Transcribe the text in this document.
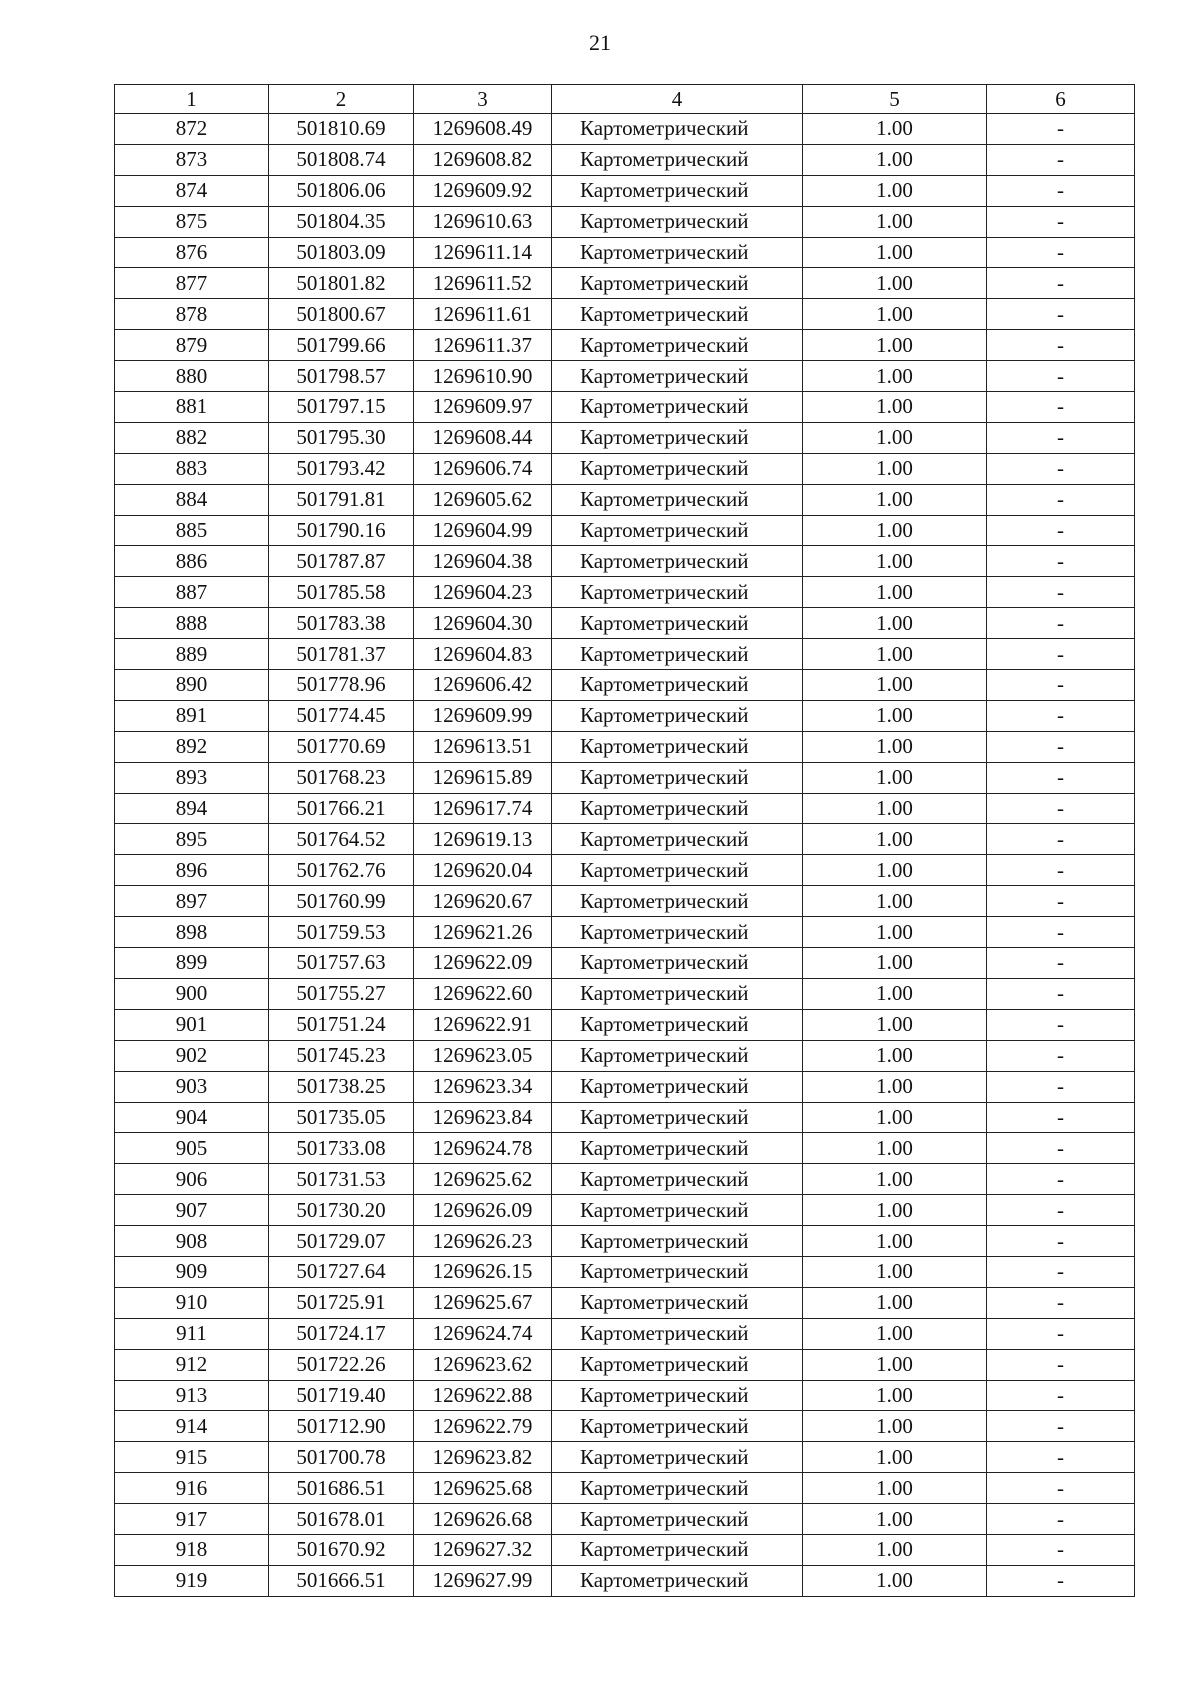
21
1	2	3	4	5	6
872	501810.69	1269608.49	Картометрический	1.00	-
873	501808.74	1269608.82	Картометрический	1.00	-
874	501806.06	1269609.92	Картометрический	1.00	-
875	501804.35	1269610.63	Картометрический	1.00	-
876	501803.09	1269611.14	Картометрический	1.00	-
877	501801.82	1269611.52	Картометрический	1.00	-
878	501800.67	1269611.61	Картометрический	1.00	-
879	501799.66	1269611.37	Картометрический	1.00	-
880	501798.57	1269610.90	Картометрический	1.00	-
881	501797.15	1269609.97	Картометрический	1.00	-
882	501795.30	1269608.44	Картометрический	1.00	-
883	501793.42	1269606.74	Картометрический	1.00	-
884	501791.81	1269605.62	Картометрический	1.00	-
885	501790.16	1269604.99	Картометрический	1.00	-
886	501787.87	1269604.38	Картометрический	1.00	-
887	501785.58	1269604.23	Картометрический	1.00	-
888	501783.38	1269604.30	Картометрический	1.00	-
889	501781.37	1269604.83	Картометрический	1.00	-
890	501778.96	1269606.42	Картометрический	1.00	-
891	501774.45	1269609.99	Картометрический	1.00	-
892	501770.69	1269613.51	Картометрический	1.00	-
893	501768.23	1269615.89	Картометрический	1.00	-
894	501766.21	1269617.74	Картометрический	1.00	-
895	501764.52	1269619.13	Картометрический	1.00	-
896	501762.76	1269620.04	Картометрический	1.00	-
897	501760.99	1269620.67	Картометрический	1.00	-
898	501759.53	1269621.26	Картометрический	1.00	-
899	501757.63	1269622.09	Картометрический	1.00	-
900	501755.27	1269622.60	Картометрический	1.00	-
901	501751.24	1269622.91	Картометрический	1.00	-
902	501745.23	1269623.05	Картометрический	1.00	-
903	501738.25	1269623.34	Картометрический	1.00	-
904	501735.05	1269623.84	Картометрический	1.00	-
905	501733.08	1269624.78	Картометрический	1.00	-
906	501731.53	1269625.62	Картометрический	1.00	-
907	501730.20	1269626.09	Картометрический	1.00	-
908	501729.07	1269626.23	Картометрический	1.00	-
909	501727.64	1269626.15	Картометрический	1.00	-
910	501725.91	1269625.67	Картометрический	1.00	-
911	501724.17	1269624.74	Картометрический	1.00	-
912	501722.26	1269623.62	Картометрический	1.00	-
913	501719.40	1269622.88	Картометрический	1.00	-
914	501712.90	1269622.79	Картометрический	1.00	-
915	501700.78	1269623.82	Картометрический	1.00	-
916	501686.51	1269625.68	Картометрический	1.00	-
917	501678.01	1269626.68	Картометрический	1.00	-
918	501670.92	1269627.32	Картометрический	1.00	-
919	501666.51	1269627.99	Картометрический	1.00	-
